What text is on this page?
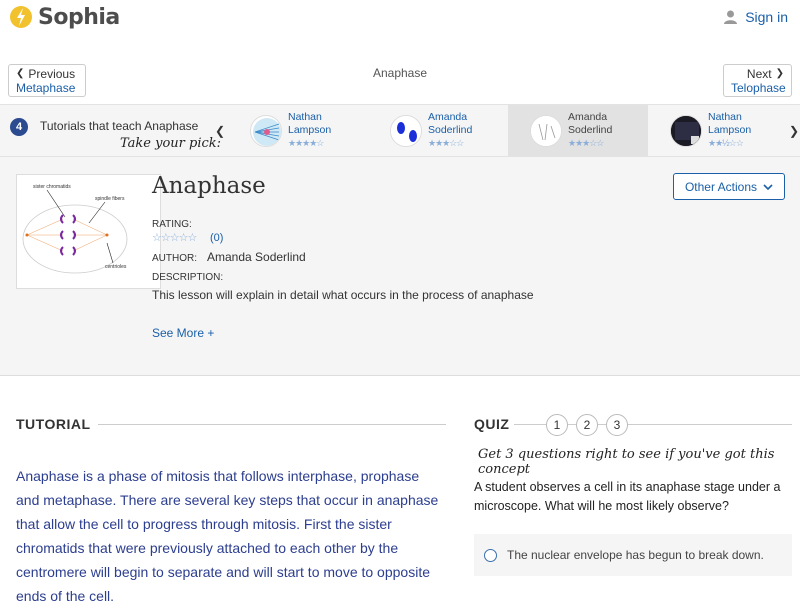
Sophia	Sign in
❮ Previous
Metaphase
Anaphase	Next ❯
Telophase
4	Tutorials that teach Anaphase
Take your pick:
❮
Nathan
Lampson
★★★★☆
Amanda
Soderlind
★★★☆☆
Amanda
Soderlind
★★★☆☆
Nathan
Lampson
★★½☆☆
❯
sister chromatids
spindle fibers
centrioles
Anaphase	Other Actions
RATING:
☆☆☆☆☆ (0)
AUTHOR: Amanda Soderlind
DESCRIPTION:
This lesson will explain in detail what occurs in the process of anaphase
See More +
TUTORIAL
Anaphase is a phase of mitosis that follows interphase, prophase and metaphase. There are several key steps that occur in anaphase that allow the cell to progress through mitosis. First the sister chromatids that were previously attached to each other by the centromere will begin to separate and will start to move to opposite ends of the cell.
QUIZ	1	2	3
Get 3 questions right to see if you've got this concept
A student observes a cell in its anaphase stage under a microscope. What will he most likely observe?
The nuclear envelope has begun to break down.
